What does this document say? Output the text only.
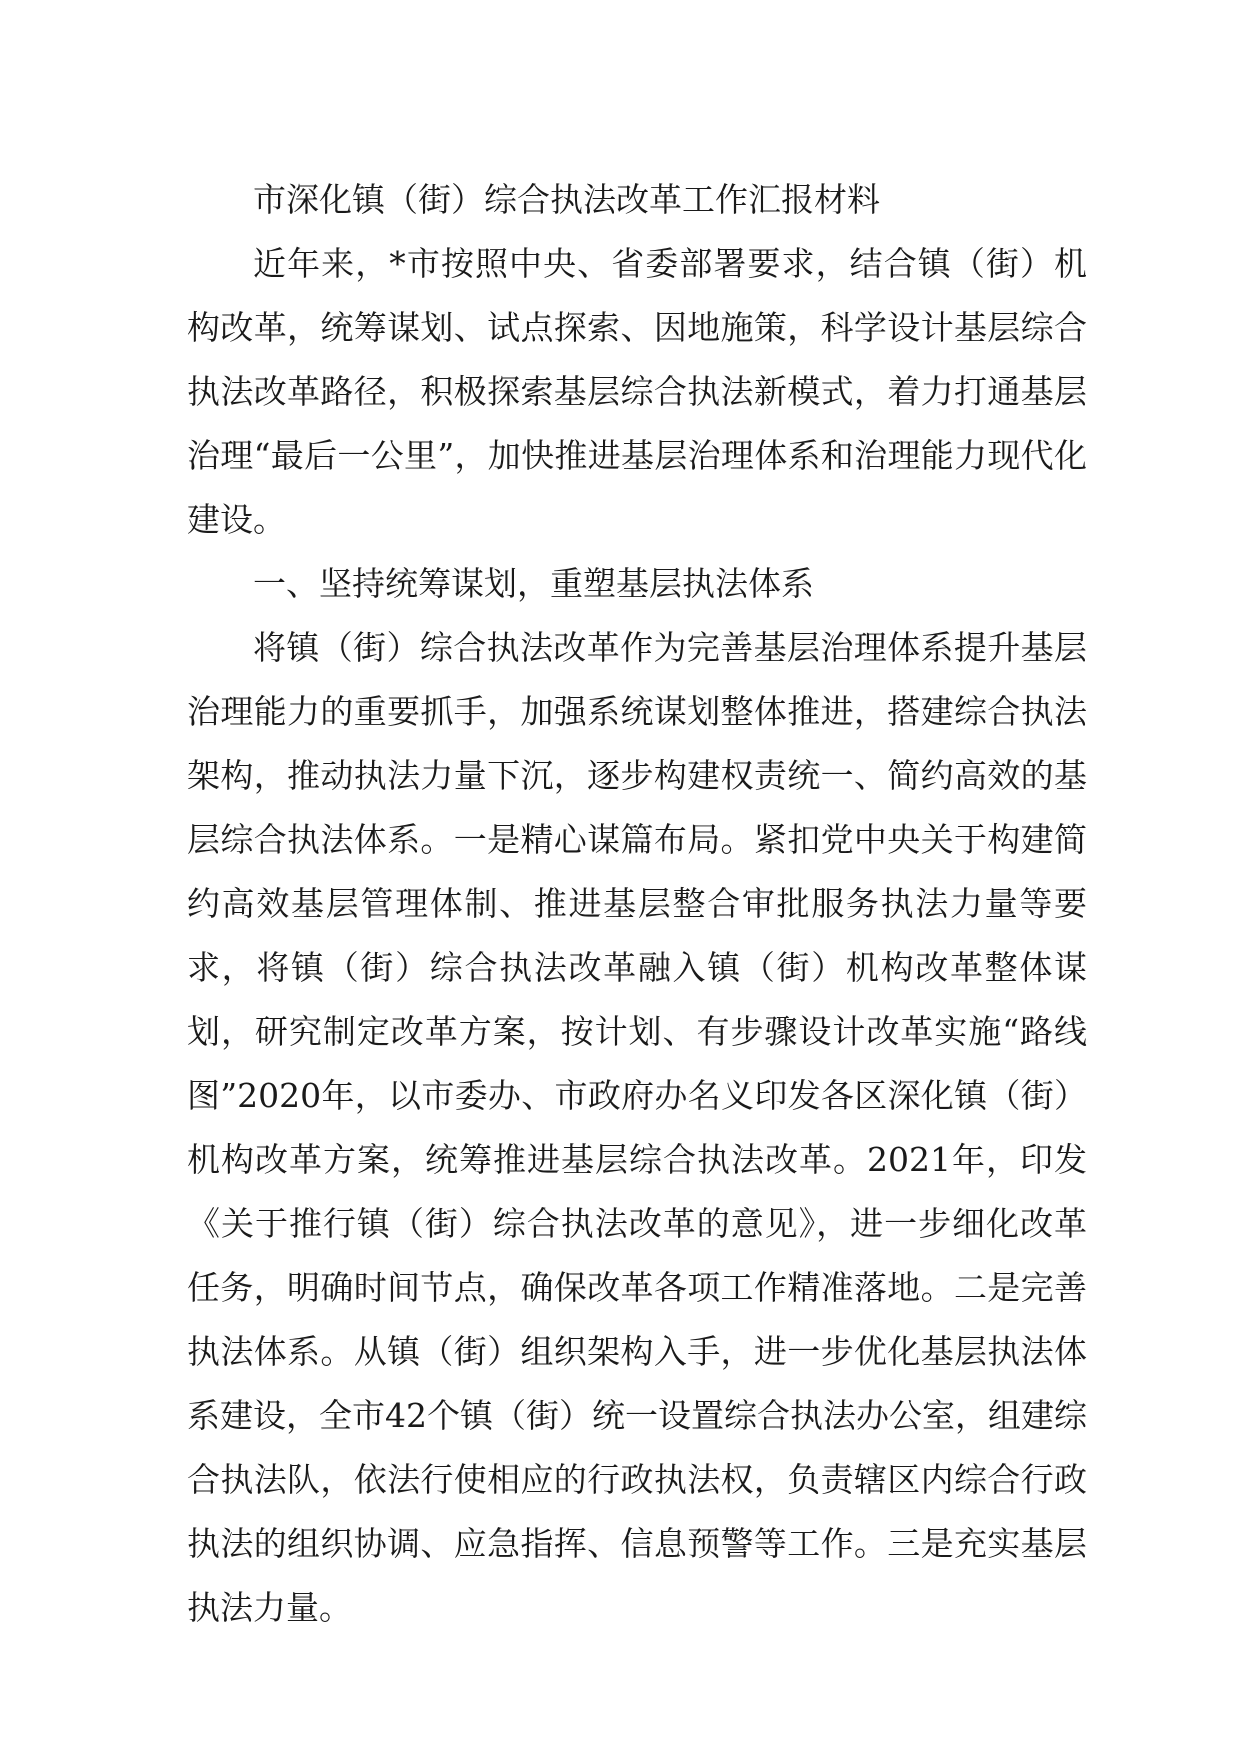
市深化镇（街）综合执法改革工作汇报材料

近年来，*市按照中央、省委部署要求，结合镇（街）机构改革，统筹谋划、试点探索、因地施策，科学设计基层综合执法改革路径，积极探索基层综合执法新模式，着力打通基层治理“最后一公里”，加快推进基层治理体系和治理能力现代化建设。

一、坚持统筹谋划，重塑基层执法体系

将镇（街）综合执法改革作为完善基层治理体系提升基层治理能力的重要抓手，加强系统谋划整体推进，搭建综合执法架构，推动执法力量下沉，逐步构建权责统一、简约高效的基层综合执法体系。一是精心谋篇布局。紧扣党中央关于构建简约高效基层管理体制、推进基层整合审批服务执法力量等要求，将镇（街）综合执法改革融入镇（街）机构改革整体谋划，研究制定改革方案，按计划、有步骤设计改革实施“路线图”2020年，以市委办、市政府办名义印发各区深化镇（街）机构改革方案，统筹推进基层综合执法改革。2021年，印发《关于推行镇（街）综合执法改革的意见》，进一步细化改革任务，明确时间节点，确保改革各项工作精准落地。二是完善执法体系。从镇（街）组织架构入手，进一步优化基层执法体系建设，全市42个镇（街）统一设置综合执法办公室，组建综合执法队，依法行使相应的行政执法权，负责辖区内综合行政执法的组织协调、应急指挥、信息预警等工作。三是充实基层执法力量。
